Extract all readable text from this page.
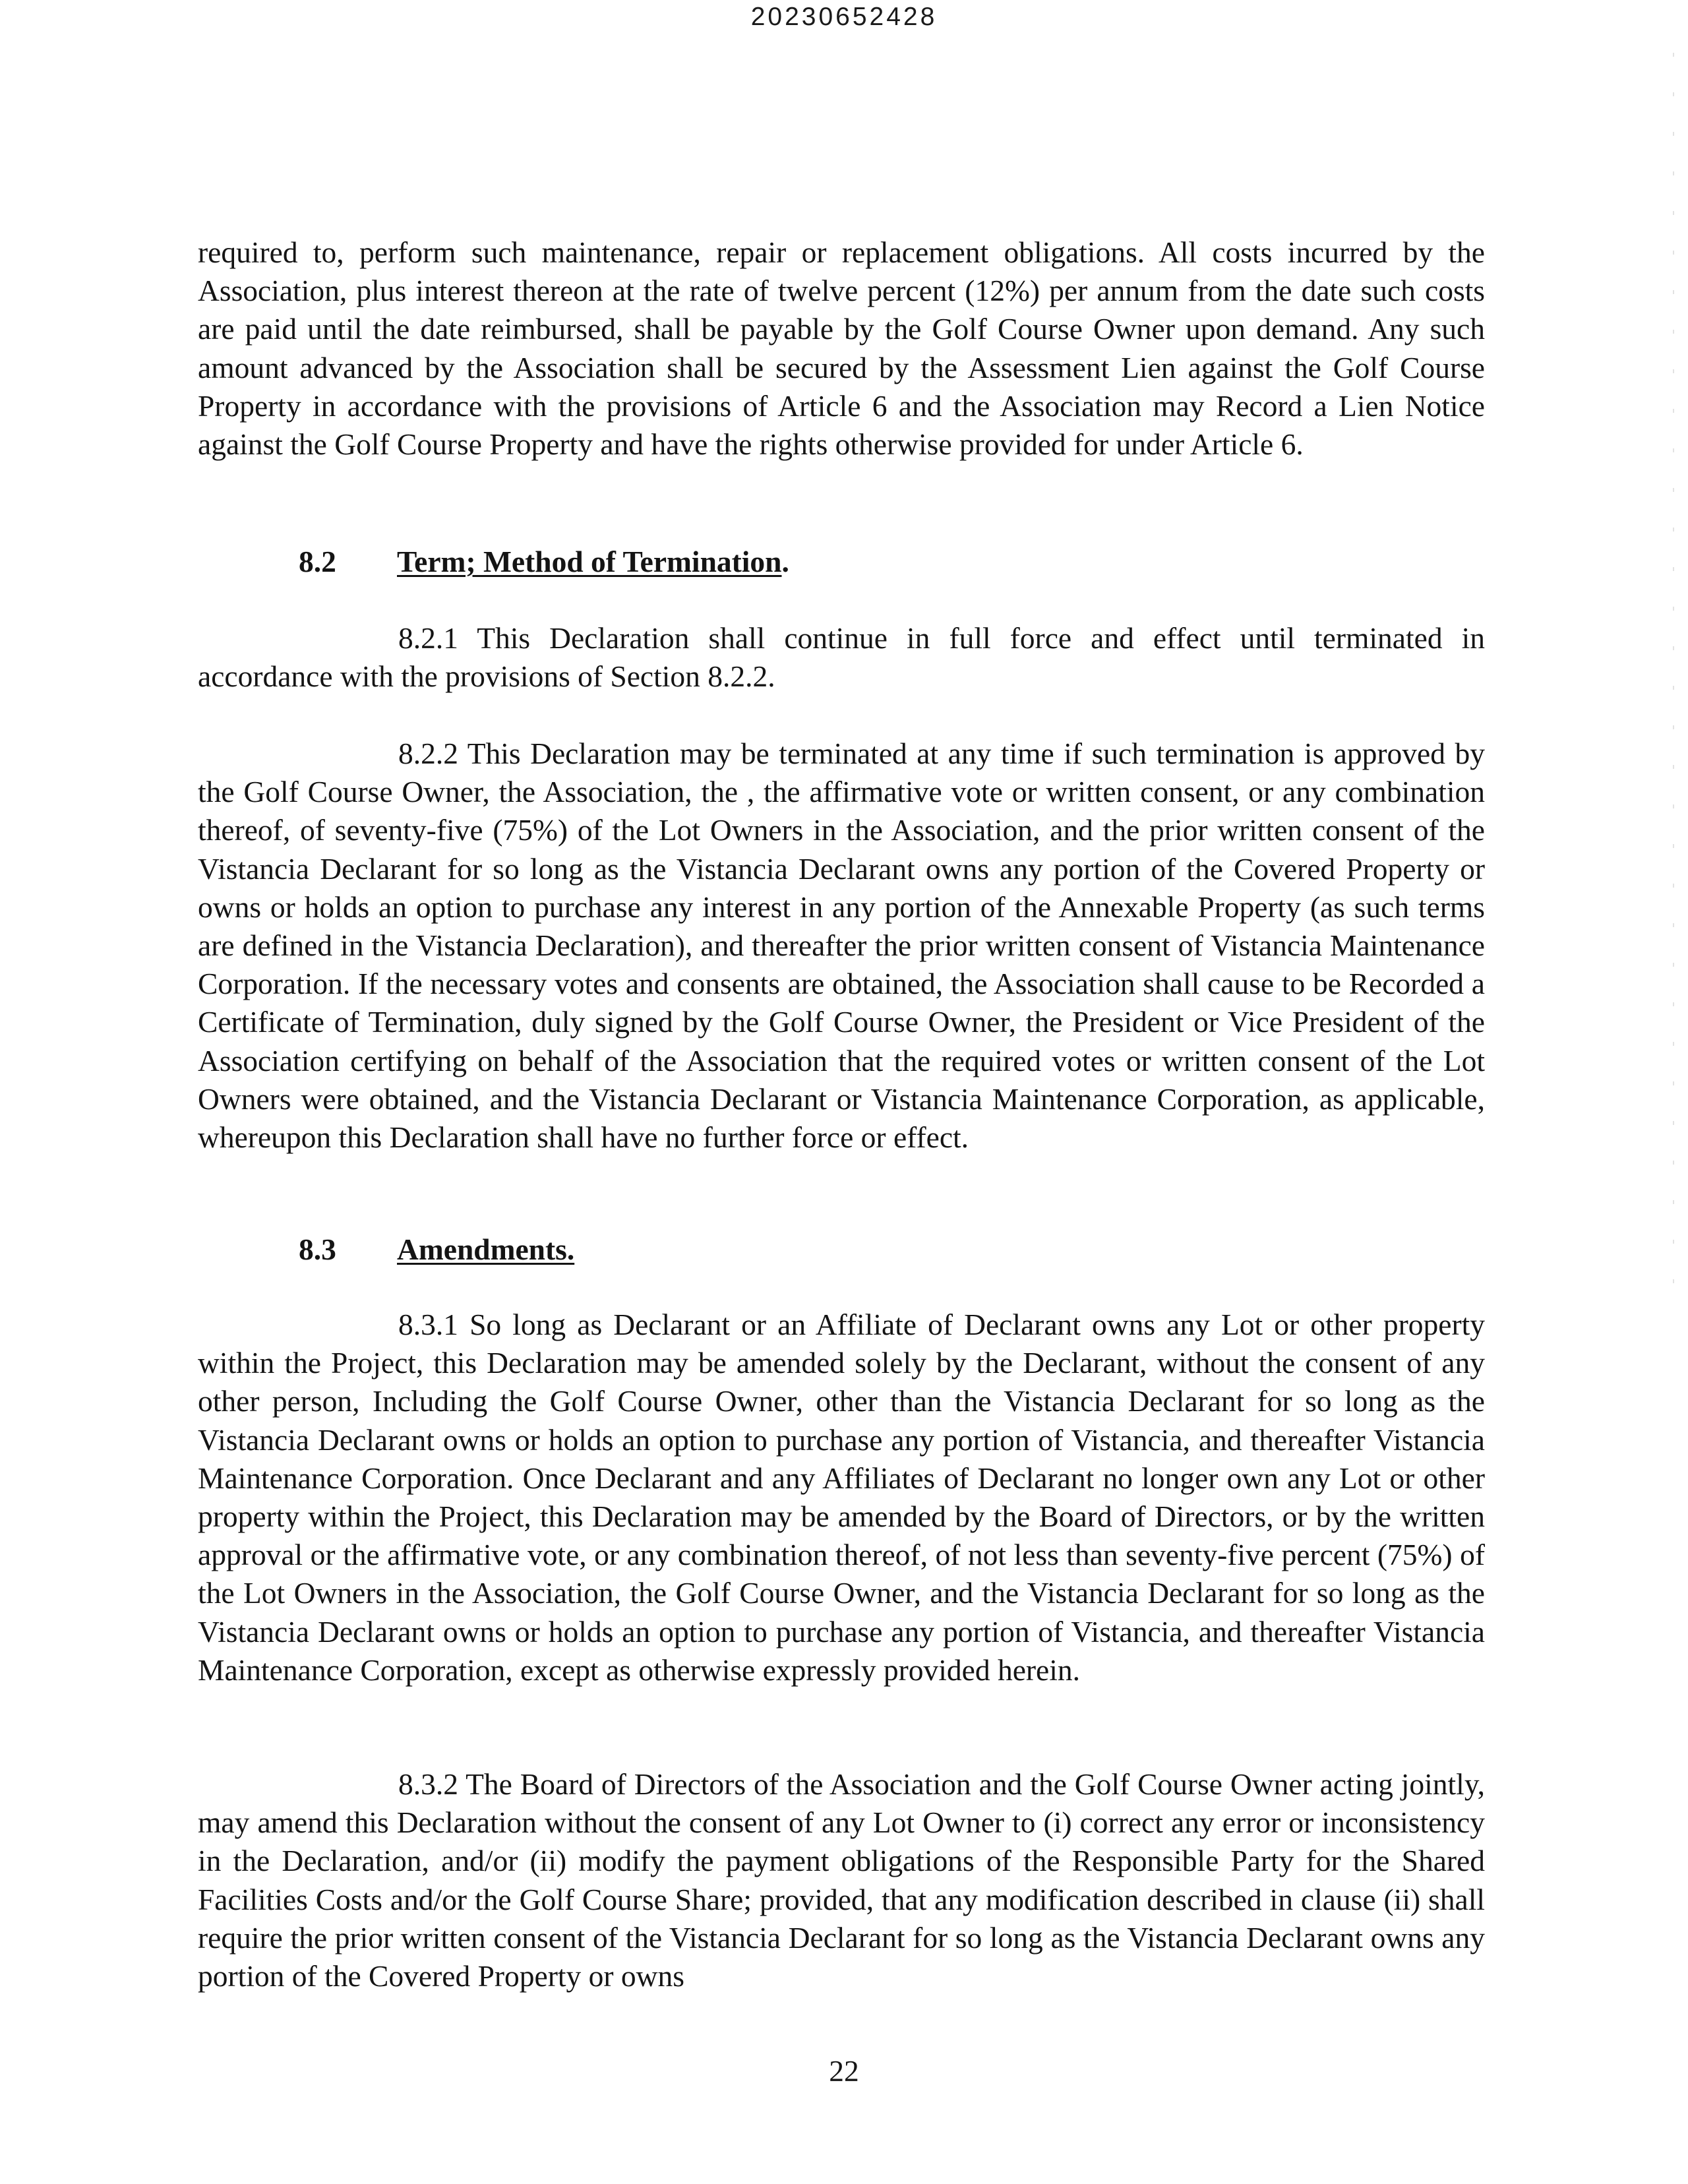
20230652428

required to, perform such maintenance, repair or replacement obligations. All costs incurred by the Association, plus interest thereon at the rate of twelve percent (12%) per annum from the date such costs are paid until the date reimbursed, shall be payable by the Golf Course Owner upon demand. Any such amount advanced by the Association shall be secured by the Assessment Lien against the Golf Course Property in accordance with the provisions of Article 6 and the Association may Record a Lien Notice against the Golf Course Property and have the rights otherwise provided for under Article 6.

8.2 Term; Method of Termination.

8.2.1 This Declaration shall continue in full force and effect until terminated in accordance with the provisions of Section 8.2.2.

8.2.2 This Declaration may be terminated at any time if such termination is approved by the Golf Course Owner, the Association, the , the affirmative vote or written consent, or any combination thereof, of seventy-five (75%) of the Lot Owners in the Association, and the prior written consent of the Vistancia Declarant for so long as the Vistancia Declarant owns any portion of the Covered Property or owns or holds an option to purchase any interest in any portion of the Annexable Property (as such terms are defined in the Vistancia Declaration), and thereafter the prior written consent of Vistancia Maintenance Corporation. If the necessary votes and consents are obtained, the Association shall cause to be Recorded a Certificate of Termination, duly signed by the Golf Course Owner, the President or Vice President of the Association certifying on behalf of the Association that the required votes or written consent of the Lot Owners were obtained, and the Vistancia Declarant or Vistancia Maintenance Corporation, as applicable, whereupon this Declaration shall have no further force or effect.

8.3 Amendments.

8.3.1 So long as Declarant or an Affiliate of Declarant owns any Lot or other property within the Project, this Declaration may be amended solely by the Declarant, without the consent of any other person, Including the Golf Course Owner, other than the Vistancia Declarant for so long as the Vistancia Declarant owns or holds an option to purchase any portion of Vistancia, and thereafter Vistancia Maintenance Corporation. Once Declarant and any Affiliates of Declarant no longer own any Lot or other property within the Project, this Declaration may be amended by the Board of Directors, or by the written approval or the affirmative vote, or any combination thereof, of not less than seventy-five percent (75%) of the Lot Owners in the Association, the Golf Course Owner, and the Vistancia Declarant for so long as the Vistancia Declarant owns or holds an option to purchase any portion of Vistancia, and thereafter Vistancia Maintenance Corporation, except as otherwise expressly provided herein.

8.3.2 The Board of Directors of the Association and the Golf Course Owner acting jointly, may amend this Declaration without the consent of any Lot Owner to (i) correct any error or inconsistency in the Declaration, and/or (ii) modify the payment obligations of the Responsible Party for the Shared Facilities Costs and/or the Golf Course Share; provided, that any modification described in clause (ii) shall require the prior written consent of the Vistancia Declarant for so long as the Vistancia Declarant owns any portion of the Covered Property or owns

22
